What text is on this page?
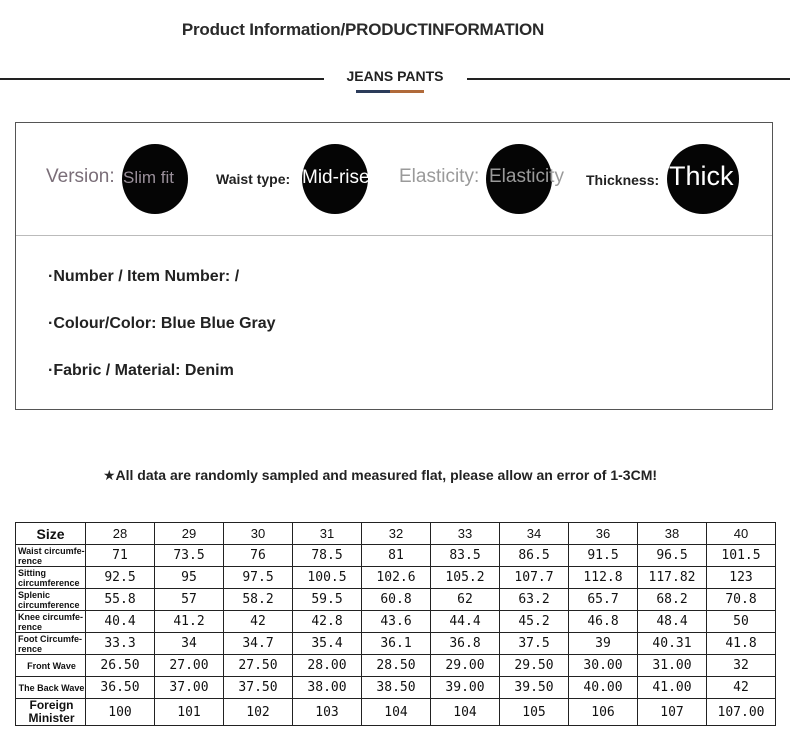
Product Information/PRODUCTINFORMATION
JEANS PANTS
Version: Slim fit	Waist type: Mid-rise Elasticity: Elasticity Thickness: Thick
·Number / Item Number: /
·Colour/Color: Blue Blue Gray
·Fabric / Material: Denim
★All data are randomly sampled and measured flat, please allow an error of 1-3CM!
Size	28	29	30	31	32	33	34	36	38	40
Waist circumfe-rence	71	73.5	76	78.5	81	83.5	86.5	91.5	96.5	101.5
Sitting circumference	92.5	95	97.5	100.5	102.6	105.2	107.7	112.8	117.82	123
Splenic circumference	55.8	57	58.2	59.5	60.8	62	63.2	65.7	68.2	70.8
Knee circumfe-rence	40.4	41.2	42	42.8	43.6	44.4	45.2	46.8	48.4	50
Foot Circumfe-rence	33.3	34	34.7	35.4	36.1	36.8	37.5	39	40.31	41.8
Front Wave	26.50	27.00	27.50	28.00	28.50	29.00	29.50	30.00	31.00	32
The Back Wave	36.50	37.00	37.50	38.00	38.50	39.00	39.50	40.00	41.00	42
Foreign Minister	100	101	102	103	104	104	105	106	107	107.00
